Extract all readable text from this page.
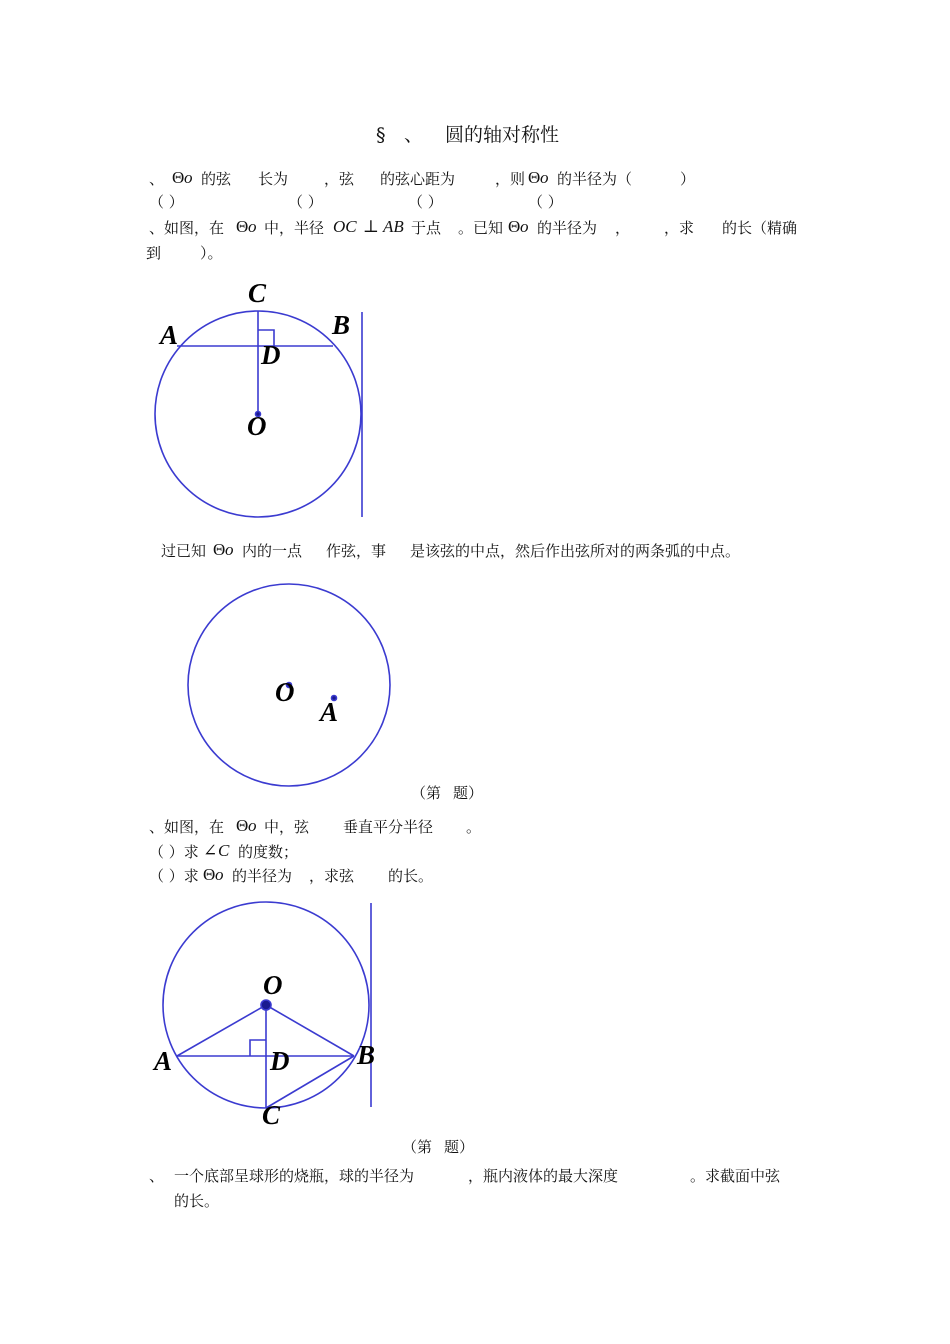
§ 、 圆的轴对称性
、 Θ o 的弦 长为 ，弦 的弦心距为	，则 Θ o 的半径为（	）
（ ）	（ ）	（ ）	（ ）
、如图，在 Θ o 中，半径 OC ⊥ AB 于点 。已知 Θ o 的半径为 ， ，求 的长（精确
到	）。
C
A	B
D
O
O
A
O
A	B
D
C
过已知 Θ o 内的一点 作弦，事 是该弦的中点，然后作出弦所对的两条弧的中点。
（第 题）
、如图，在 Θ o 中，弦 垂直平分半径 。
（ ）求 ∠ C 的度数；
（ ）求 Θ o 的半径为 ，求弦 的长。
（第 题）
、 一个底部呈球形的烧瓶，球的半径为	，瓶内液体的最大深度	。求截面中弦
的长。
